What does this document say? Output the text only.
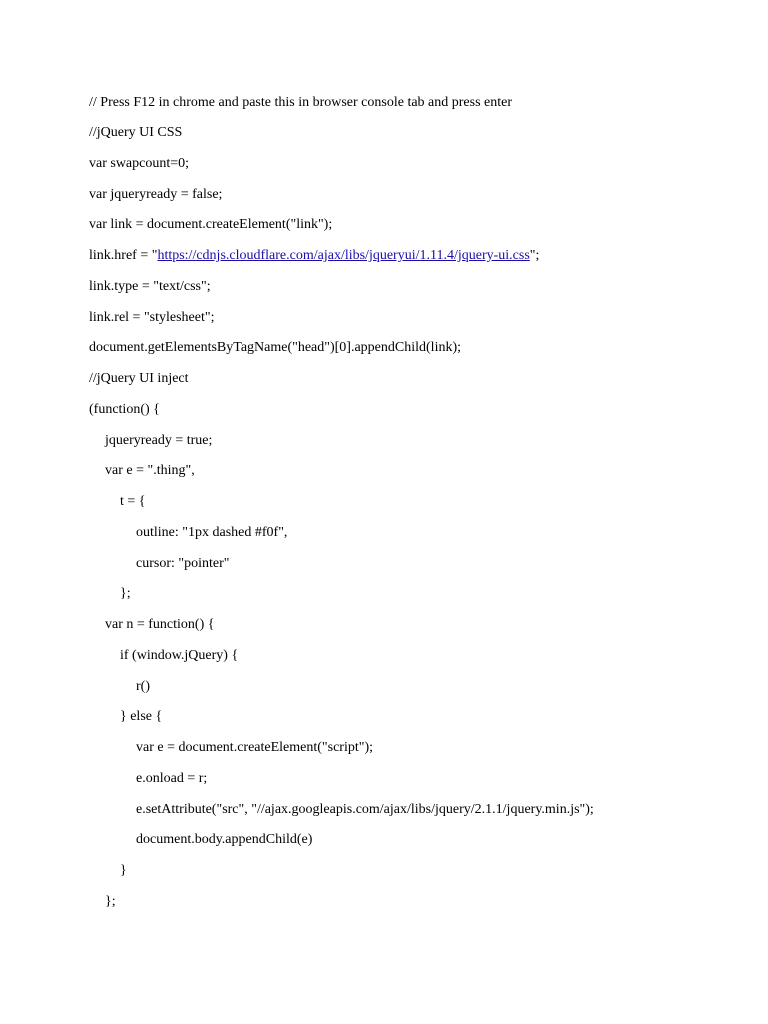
// Press F12 in chrome and paste this in browser console tab and press enter
//jQuery UI CSS
var swapcount=0;
var jqueryready = false;
var link = document.createElement("link");
link.href = "https://cdnjs.cloudflare.com/ajax/libs/jqueryui/1.11.4/jquery-ui.css";
link.type = "text/css";
link.rel = "stylesheet";
document.getElementsByTagName("head")[0].appendChild(link);
//jQuery UI inject
(function() {
jqueryready = true;
var e = ".thing",
t = {
outline: "1px dashed #f0f",
cursor: "pointer"
};
var n = function() {
if (window.jQuery) {
r()
} else {
var e = document.createElement("script");
e.onload = r;
e.setAttribute("src", "//ajax.googleapis.com/ajax/libs/jquery/2.1.1/jquery.min.js");
document.body.appendChild(e)
}
};
